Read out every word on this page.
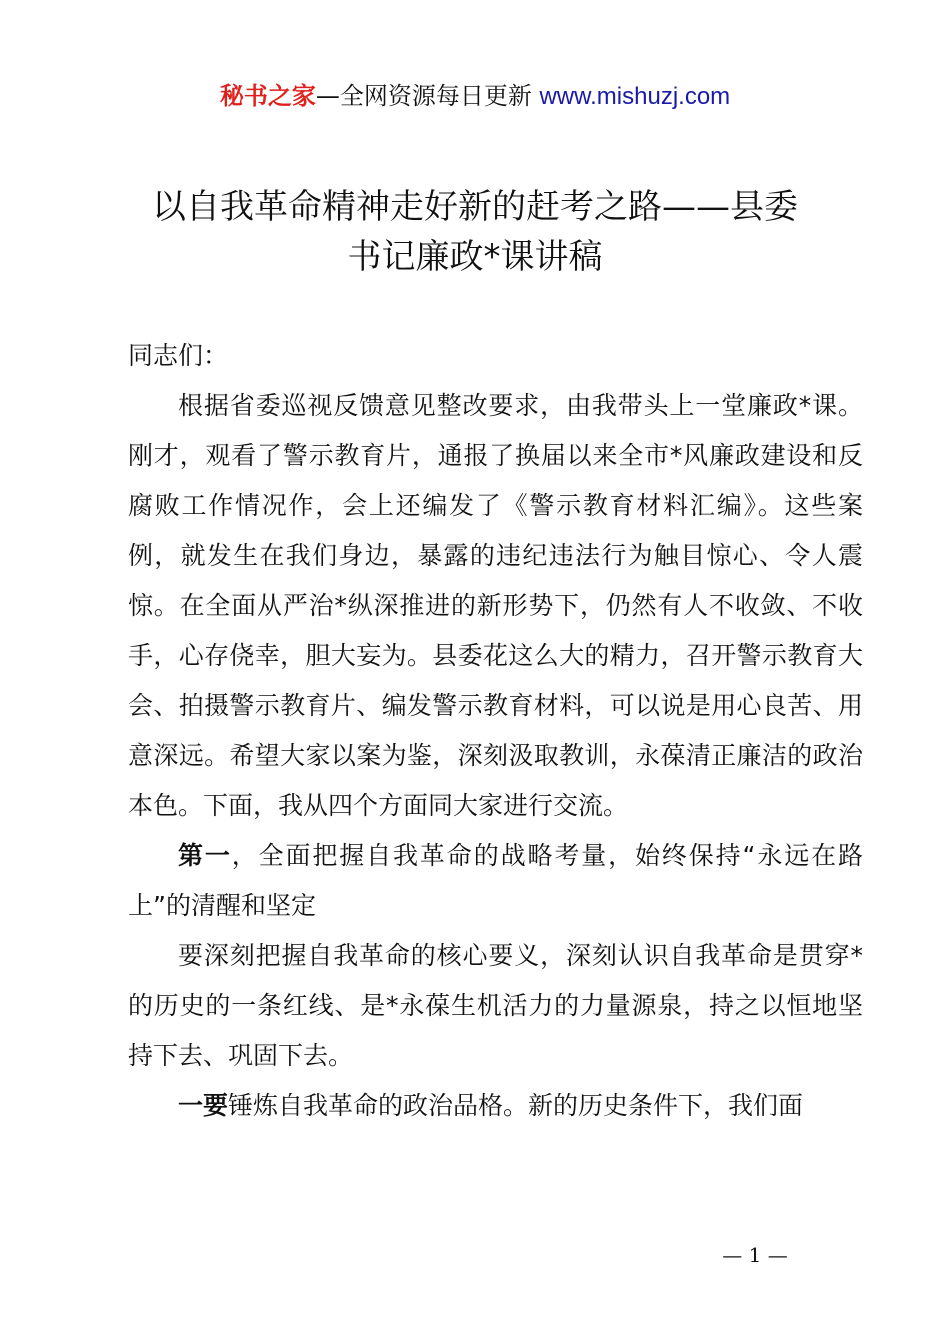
秘书之家—全网资源每日更新 www.mishuzj.com
以自我革命精神走好新的赶考之路——县委
书记廉政*课讲稿

同志们：

根据省委巡视反馈意见整改要求，由我带头上一堂廉政*课。刚才，观看了警示教育片，通报了换届以来全市*风廉政建设和反腐败工作情况作，会上还编发了《警示教育材料汇编》。这些案例，就发生在我们身边，暴露的违纪违法行为触目惊心、令人震惊。在全面从严治*纵深推进的新形势下，仍然有人不收敛、不收手，心存侥幸，胆大妄为。县委花这么大的精力，召开警示教育大会、拍摄警示教育片、编发警示教育材料，可以说是用心良苦、用意深远。希望大家以案为鉴，深刻汲取教训，永葆清正廉洁的政治本色。下面，我从四个方面同大家进行交流。

第一，全面把握自我革命的战略考量，始终保持“永远在路上”的清醒和坚定

要深刻把握自我革命的核心要义，深刻认识自我革命是贯穿*的历史的一条红线、是*永葆生机活力的力量源泉，持之以恒地坚持下去、巩固下去。

一要锤炼自我革命的政治品格。新的历史条件下，我们面

— 1 —
